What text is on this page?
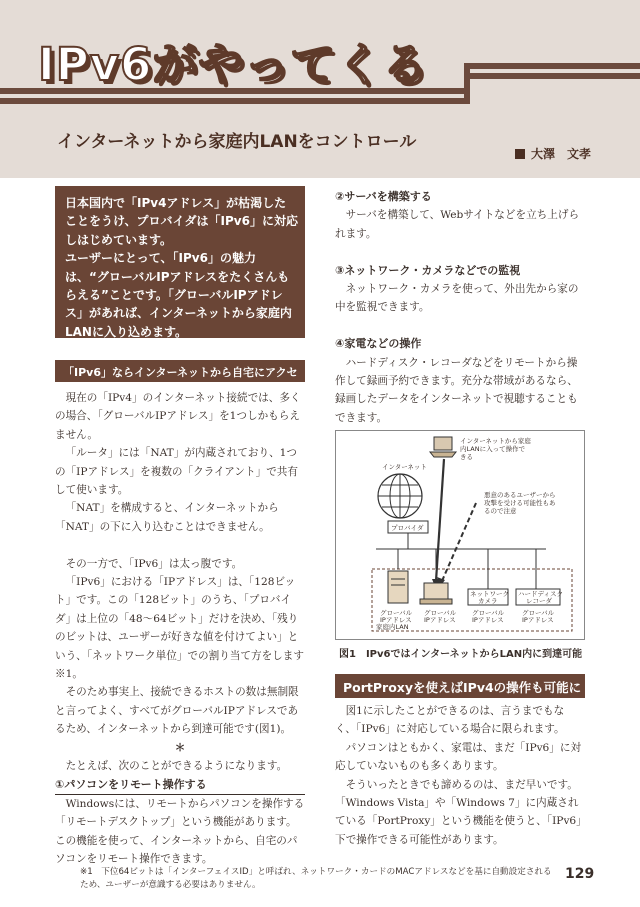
IPv6がやってくる
インターネットから家庭内LANをコントロール
大澤　文孝

日本国内で「IPv4アドレス」が枯渇したことをうけ、プロバイダは「IPv6」に対応しはじめています。

ユーザーにとって、「IPv6」の魅力は、“グローバルIPアドレスをたくさんもらえる”ことです。「グローバルIPアドレス」があれば、インターネットから家庭内LANに入り込めます。

「IPv6」ならインターネットから自宅にアクセスできる

現在の「IPv4」のインターネット接続では、多くの場合、「グローバルIPアドレス」を1つしかもらえません。

「ルータ」には「NAT」が内蔵されており、1つの「IPアドレス」を複数の「クライアント」で共有して使います。

「NAT」を構成すると、インターネットから「NAT」の下に入り込むことはできません。

その一方で、「IPv6」は太っ腹です。

「IPv6」における「IPアドレス」は、「128ビット」です。この「128ビット」のうち、「プロバイダ」は上位の「48～64ビット」だけを決め、「残りのビットは、ユーザーが好きな値を付けてよい」という、「ネットワーク単位」での割り当て方をします※1。

そのため事実上、接続できるホストの数は無制限と言ってよく、すべてがグローバルIPアドレスであるため、インターネットから到達可能です(図1)。

＊

たとえば、次のことができるようになります。

①パソコンをリモート操作する

Windowsには、リモートからパソコンを操作する「リモートデスクトップ」という機能があります。この機能を使って、インターネットから、自宅のパソコンをリモート操作できます。

②サーバを構築する

サーバを構築して、Webサイトなどを立ち上げられます。

③ネットワーク・カメラなどでの監視

ネットワーク・カメラを使って、外出先から家の中を監視できます。

④家電などの操作

ハードディスク・レコーダなどをリモートから操作して録画予約できます。充分な帯域があるなら、録画したデータをインターネットで視聴することもできます。

インターネット
プロバイダ
インターネットから家庭内LANに入って操作できる
悪意のあるユーザーから攻撃を受ける可能性もあるので注意
ネットワークカメラ
ハードディスクレコーダ
グローバル IPアドレス
グローバル IPアドレス
グローバル IPアドレス
グローバル IPアドレス
家庭内LAN
図1　IPv6ではインターネットからLAN内に到達可能
PortProxyを使えばIPv4の操作も可能に

図1に示したことができるのは、言うまでもなく、「IPv6」に対応している場合に限られます。

パソコンはともかく、家電は、まだ「IPv6」に対応していないものも多くあります。

そういったときでも諦めるのは、まだ早いです。「Windows Vista」や「Windows 7」に内蔵されている「PortProxy」という機能を使うと、「IPv6」下で操作できる可能性があります。

※1　下位64ビットは「インターフェイスID」と呼ばれ、ネットワーク・カードのMACアドレスなどを基に自動設定されるため、ユーザーが意識する必要はありません。
129
